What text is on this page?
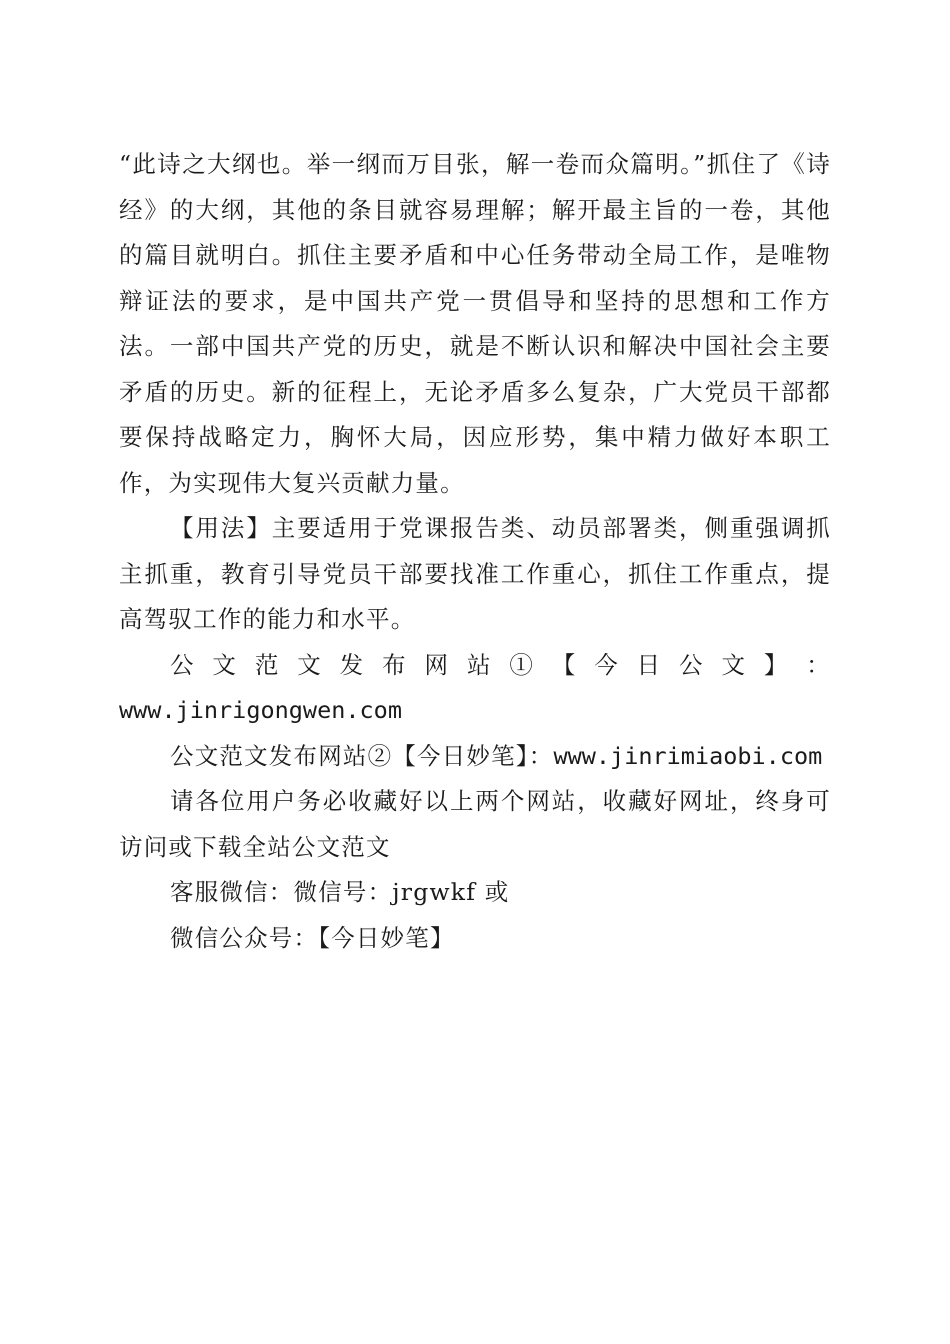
“此诗之大纲也。举一纲而万目张，解一卷而众篇明。”抓住了《诗经》的大纲，其他的条目就容易理解；解开最主旨的一卷，其他的篇目就明白。抓住主要矛盾和中心任务带动全局工作，是唯物辩证法的要求，是中国共产党一贯倡导和坚持的思想和工作方法。一部中国共产党的历史，就是不断认识和解决中国社会主要矛盾的历史。新的征程上，无论矛盾多么复杂，广大党员干部都要保持战略定力，胸怀大局，因应形势，集中精力做好本职工作，为实现伟大复兴贡献力量。

【用法】主要适用于党课报告类、动员部署类，侧重强调抓主抓重，教育引导党员干部要找准工作重心，抓住工作重点，提高驾驭工作的能力和水平。

公 文 范 文 发 布 网 站 ① 【 今 日 公 文 】 ：

www.jinrigongwen.com

公文范文发布网站②【今日妙笔】：www.jinrimiaobi.com

请各位用户务必收藏好以上两个网站，收藏好网址，终身可访问或下载全站公文范文

客服微信：微信号：jrgwkf 或

微信公众号：【今日妙笔】
